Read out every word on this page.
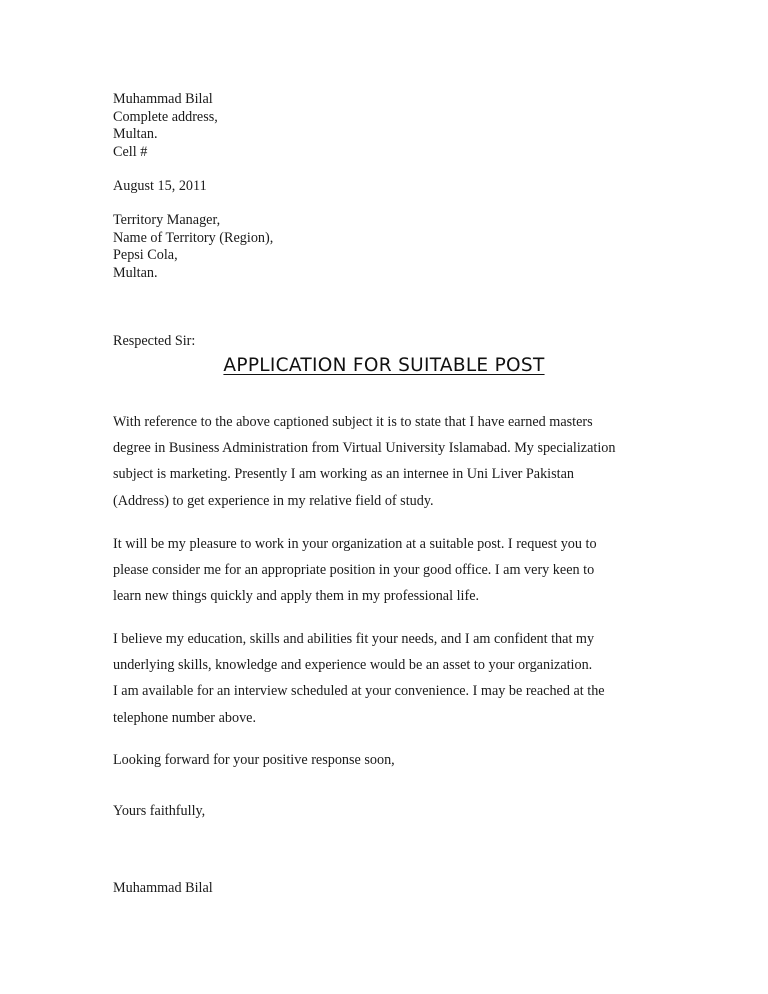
Muhammad Bilal
Complete address,
Multan.
Cell #
August 15, 2011
Territory Manager,
Name of Territory (Region),
Pepsi Cola,
Multan.
Respected Sir:
APPLICATION FOR SUITABLE POST
With reference to the above captioned subject it is to state that I have earned masters
degree in Business Administration from Virtual University Islamabad. My specialization
subject is marketing. Presently I am working as an internee in Uni Liver Pakistan
(Address) to get experience in my relative field of study.
It will be my pleasure to work in your organization at a suitable post. I request you to
please consider me for an appropriate position in your good office. I am very keen to
learn new things quickly and apply them in my professional life.
I believe my education, skills and abilities fit your needs, and I am confident that my
underlying skills, knowledge and experience would be an asset to your organization.
I am available for an interview scheduled at your convenience. I may be reached at the
telephone number above.
Looking forward for your positive response soon,
Yours faithfully,
Muhammad Bilal
